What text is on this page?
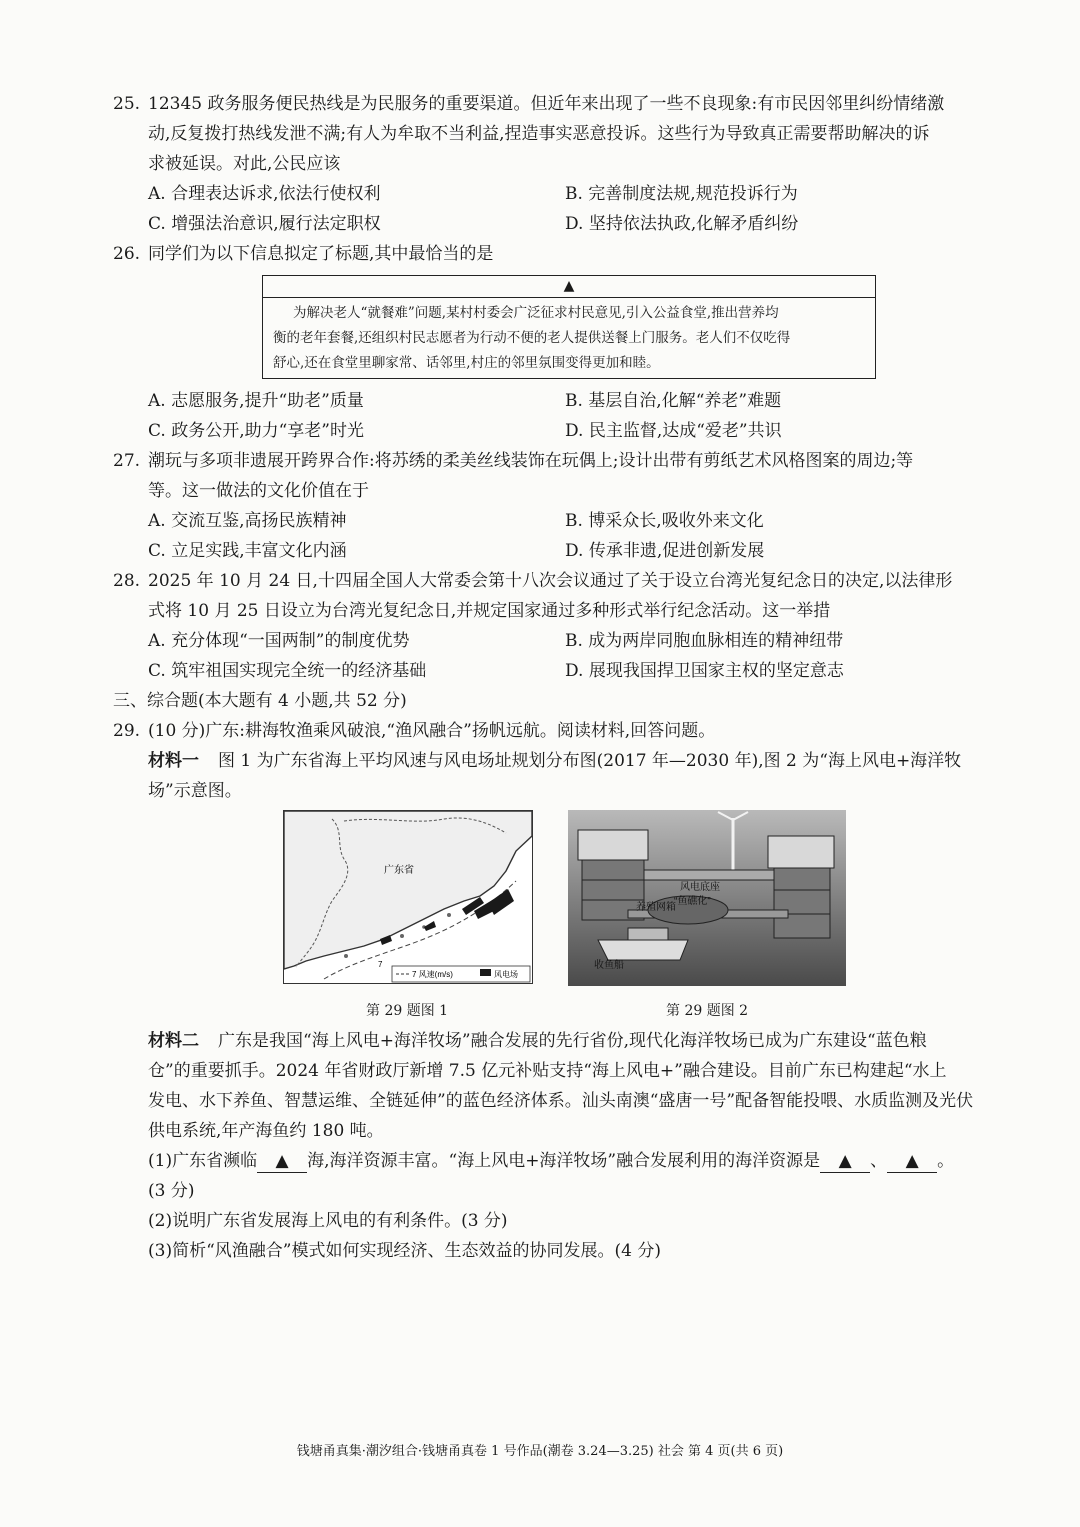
25. 12345 政务服务便民热线是为民服务的重要渠道。但近年来出现了一些不良现象:有市民因邻里纠纷情绪激
动,反复拨打热线发泄不满;有人为牟取不当利益,捏造事实恶意投诉。这些行为导致真正需要帮助解决的诉
求被延误。对此,公民应该
A. 合理表达诉求,依法行使权利	B. 完善制度法规,规范投诉行为
C. 增强法治意识,履行法定职权	D. 坚持依法执政,化解矛盾纠纷
26. 同学们为以下信息拟定了标题,其中最恰当的是
▲
为解决老人“就餐难”问题,某村村委会广泛征求村民意见,引入公益食堂,推出营养均
衡的老年套餐,还组织村民志愿者为行动不便的老人提供送餐上门服务。老人们不仅吃得
舒心,还在食堂里聊家常、话邻里,村庄的邻里氛围变得更加和睦。
A. 志愿服务,提升“助老”质量	B. 基层自治,化解“养老”难题
C. 政务公开,助力“享老”时光	D. 民主监督,达成“爱老”共识
27. 潮玩与多项非遗展开跨界合作:将苏绣的柔美丝线装饰在玩偶上;设计出带有剪纸艺术风格图案的周边;等
等。这一做法的文化价值在于
A. 交流互鉴,高扬民族精神	B. 博采众长,吸收外来文化
C. 立足实践,丰富文化内涵	D. 传承非遗,促进创新发展
28. 2025 年 10 月 24 日,十四届全国人大常委会第十八次会议通过了关于设立台湾光复纪念日的决定,以法律形
式将 10 月 25 日设立为台湾光复纪念日,并规定国家通过多种形式举行纪念活动。这一举措
A. 充分体现“一国两制”的制度优势	B. 成为两岸同胞血脉相连的精神纽带
C. 筑牢祖国实现完全统一的经济基础	D. 展现我国捍卫国家主权的坚定意志
三、综合题(本大题有 4 小题,共 52 分)
29. (10 分)广东:耕海牧渔乘风破浪,“渔风融合”扬帆远航。阅读材料,回答问题。
材料一 图 1 为广东省海上平均风速与风电场址规划分布图(2017 年—2030 年),图 2 为“海上风电+海洋牧
场”示意图。
7
广东省
7 风速(m/s)	风电场
第 29 题图 1
风电底座
“鱼礁化”
养殖网箱
收鱼船
第 29 题图 2
材料二 广东是我国“海上风电+海洋牧场”融合发展的先行省份,现代化海洋牧场已成为广东建设“蓝色粮
仓”的重要抓手。2024 年省财政厅新增 7.5 亿元补贴支持“海上风电+”融合建设。目前广东已构建起“水上
发电、水下养鱼、智慧运维、全链延伸”的蓝色经济体系。汕头南澳“盛唐一号”配备智能投喂、水质监测及光伏
供电系统,年产海鱼约 180 吨。
(1)广东省濒临 ▲ 海,海洋资源丰富。“海上风电+海洋牧场”融合发展利用的海洋资源是 ▲ 、 ▲ 。
(3 分)
(2)说明广东省发展海上风电的有利条件。(3 分)
(3)简析“风渔融合”模式如何实现经济、生态效益的协同发展。(4 分)
钱塘甬真集·潮汐组合·钱塘甬真卷 1 号作品(潮卷 3.24—3.25) 社会 第 4 页(共 6 页)
